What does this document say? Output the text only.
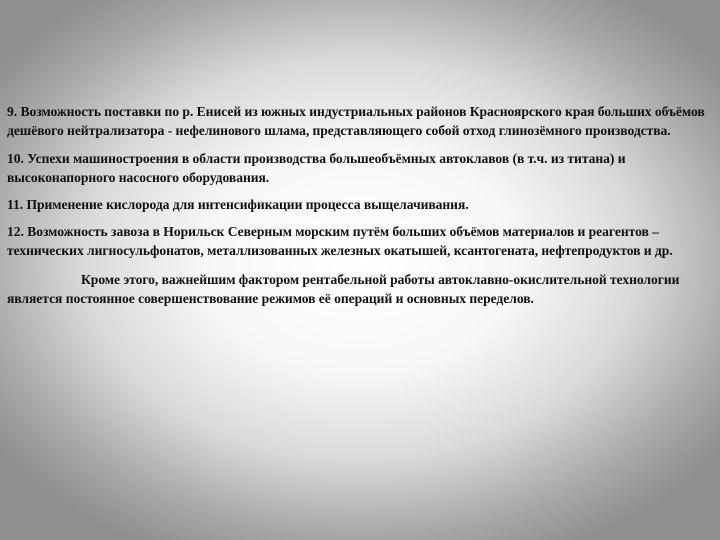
9. Возможность поставки по р. Енисей из южных индустриальных районов Красноярского края больших объёмов дешёвого нейтрализатора - нефелинового шлама, представляющего собой отход глинозёмного производства.

10. Успехи машиностроения в области производства большеобъёмных автоклавов (в т.ч. из титана) и высоконапорного насосного оборудования.

11. Применение кислорода для интенсификации процесса выщелачивания.

12. Возможность завоза в Норильск Северным морским путём больших объёмов материалов и реагентов – технических лигносульфонатов, металлизованных железных окатышей, ксантогената, нефтепродуктов и др.

Кроме этого, важнейшим фактором рентабельной работы автоклавно-окислительной технологии является постоянное совершенствование режимов её операций и основных переделов.
